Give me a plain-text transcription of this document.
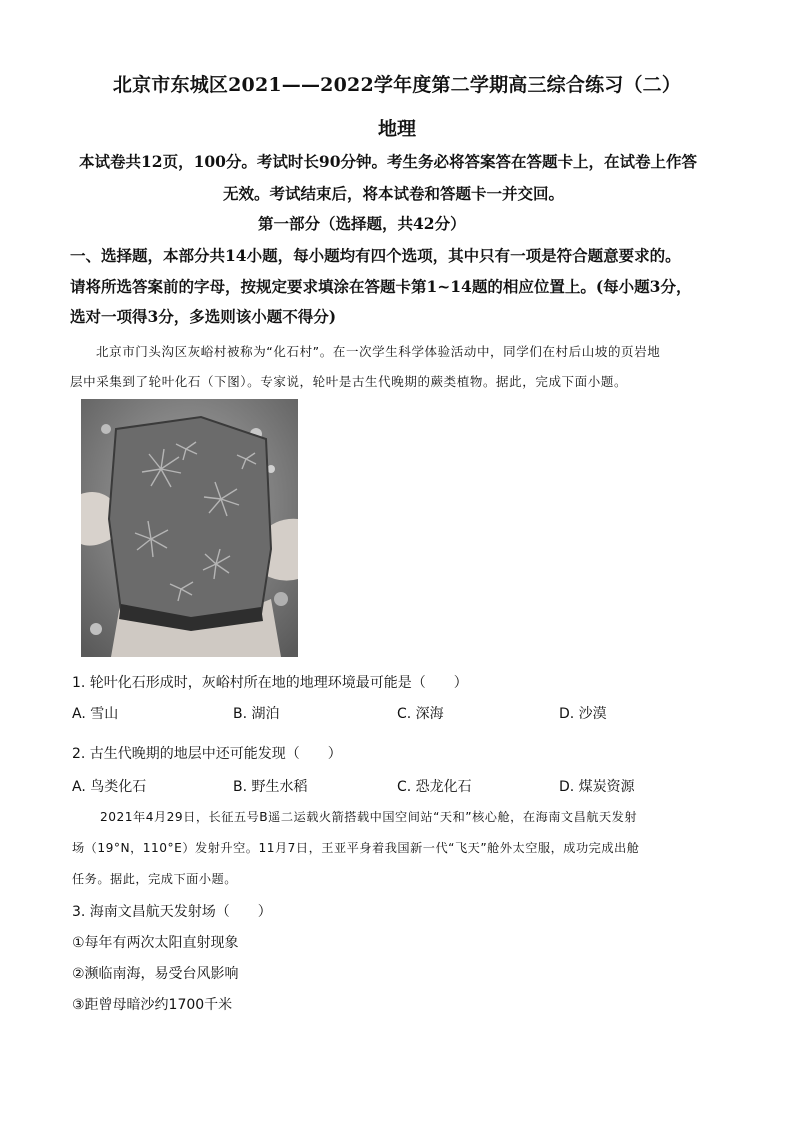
北京市东城区2021——2022学年度第二学期高三综合练习（二）
地理
本试卷共12页，100分。考试时长90分钟。考生务必将答案答在答题卡上，在试卷上作答
无效。考试结束后，将本试卷和答题卡一并交回。
第一部分（选择题，共42分）
一、选择题，本部分共14小题，每小题均有四个选项，其中只有一项是符合题意要求的。
请将所选答案前的字母，按规定要求填涂在答题卡第1~14题的相应位置上。(每小题3分，
选对一项得3分，多选则该小题不得分)
北京市门头沟区灰峪村被称为“化石村”。在一次学生科学体验活动中，同学们在村后山坡的页岩地
层中采集到了轮叶化石（下图）。专家说，轮叶是古生代晚期的蕨类植物。据此，完成下面小题。
1. 轮叶化石形成时，灰峪村所在地的地理环境最可能是（　　）
A. 雪山	B. 湖泊	C. 深海	D. 沙漠
2. 古生代晚期的地层中还可能发现（　　）
A. 鸟类化石	B. 野生水稻	C. 恐龙化石	D. 煤炭资源
2021年4月29日，长征五号B遥二运载火箭搭载中国空间站“天和”核心舱，在海南文昌航天发射
场（19°N，110°E）发射升空。11月7日，王亚平身着我国新一代“飞天”舱外太空服，成功完成出舱
任务。据此，完成下面小题。
3. 海南文昌航天发射场（　　）
①每年有两次太阳直射现象
②濒临南海，易受台风影响
③距曾母暗沙约1700千米
